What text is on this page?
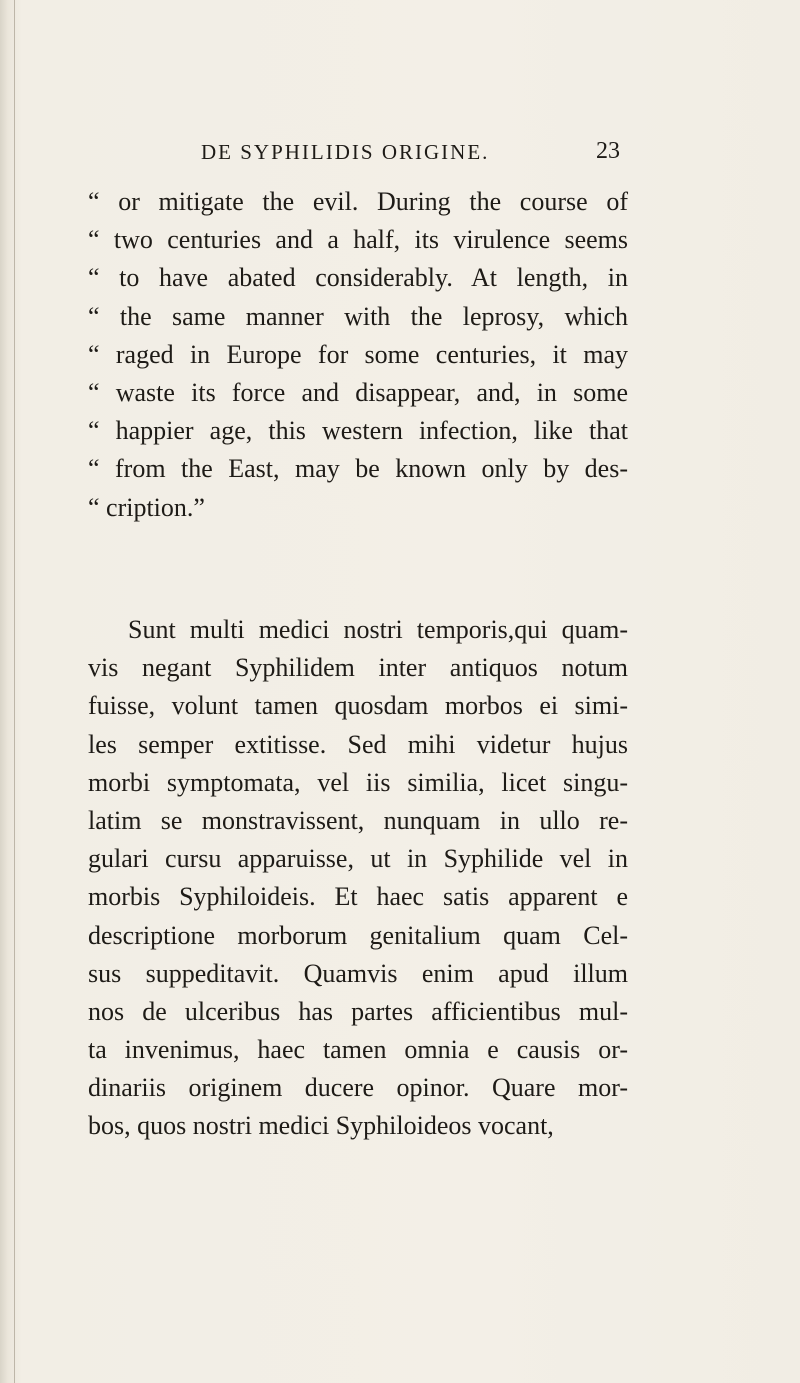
DE SYPHILIDIS ORIGINE.	23
“ or mitigate the evil. During the course of
“ two centuries and a half, its virulence seems
“ to have abated considerably. At length, in
“ the same manner with the leprosy, which
“ raged in Europe for some centuries, it may
“ waste its force and disappear, and, in some
“ happier age, this western infection, like that
“ from the East, may be known only by des-
“ cription.”
Sunt multi medici nostri temporis,qui quam-
vis negant Syphilidem inter antiquos notum
fuisse, volunt tamen quosdam morbos ei simi-
les semper extitisse. Sed mihi videtur hujus
morbi symptomata, vel iis similia, licet singu-
latim se monstravissent, nunquam in ullo re-
gulari cursu apparuisse, ut in Syphilide vel in
morbis Syphiloideis. Et haec satis apparent e
descriptione morborum genitalium quam Cel-
sus suppeditavit. Quamvis enim apud illum
nos de ulceribus has partes afficientibus mul-
ta invenimus, haec tamen omnia e causis or-
dinariis originem ducere opinor. Quare mor-
bos, quos nostri medici Syphiloideos vocant,
